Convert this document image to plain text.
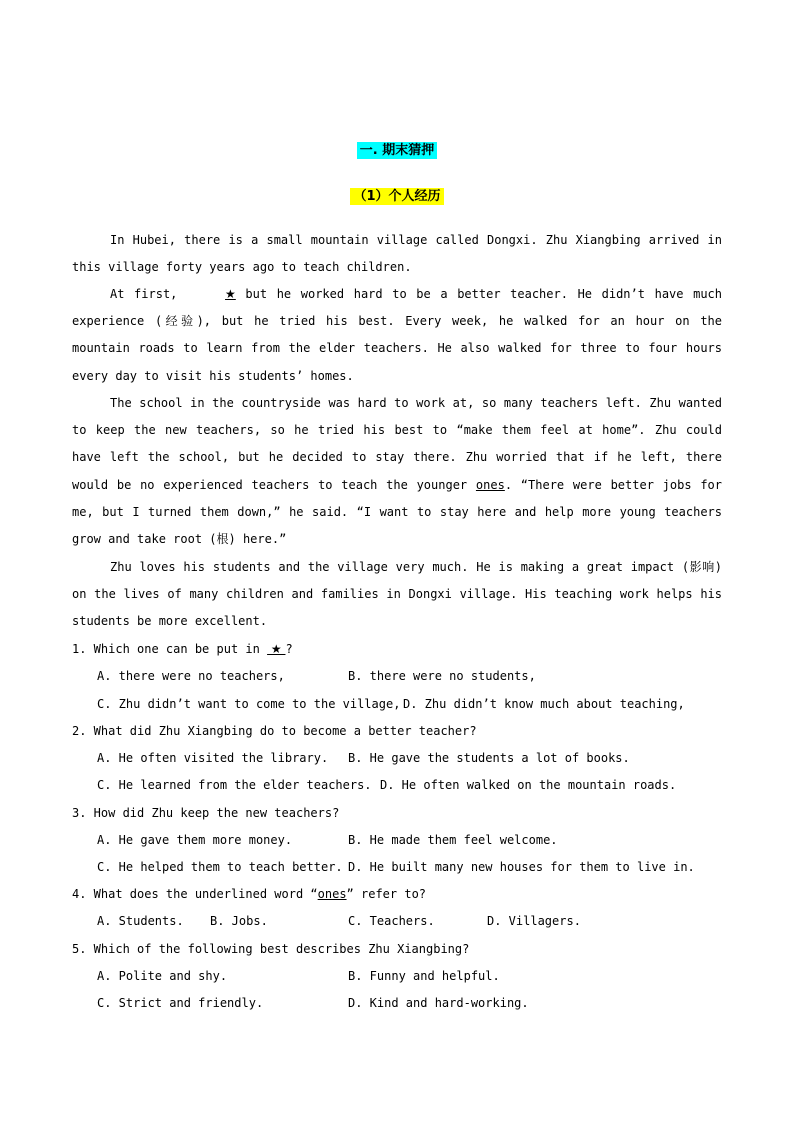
一. 期末猜押
（1）个人经历
In Hubei, there is a small mountain village called Dongxi. Zhu Xiangbing arrived in this village forty years ago to teach children.
At first,	★ but he worked hard to be a better teacher. He didn’t have much experience (经验), but he tried his best. Every week, he walked for an hour on the mountain roads to learn from the elder teachers. He also walked for three to four hours every day to visit his students’ homes.
The school in the countryside was hard to work at, so many teachers left. Zhu wanted to keep the new teachers, so he tried his best to “make them feel at home”. Zhu could have left the school, but he decided to stay there. Zhu worried that if he left, there would be no experienced teachers to teach the younger ones. “There were better jobs for me, but I turned them down,” he said. “I want to stay here and help more young teachers grow and take root (根) here.”
Zhu loves his students and the village very much. He is making a great impact (影响) on the lives of many children and families in Dongxi village. His teaching work helps his students be more excellent.
1. Which one can be put in  ★ ?
A. there were no teachers,	B. there were no students,
C. Zhu didn’t want to come to the village, D. Zhu didn’t know much about teaching,
2. What did Zhu Xiangbing do to become a better teacher?
A. He often visited the library. B. He gave the students a lot of books.
C. He learned from the elder teachers. D. He often walked on the mountain roads.
3. How did Zhu keep the new teachers?
A. He gave them more money.	B. He made them feel welcome.
C. He helped them to teach better. D. He built many new houses for them to live in.
4. What does the underlined word “ones” refer to?
A. Students. B. Jobs.	C. Teachers.	D. Villagers.
5. Which of the following best describes Zhu Xiangbing?
A. Polite and shy.	B. Funny and helpful.
C. Strict and friendly.	D. Kind and hard-working.
